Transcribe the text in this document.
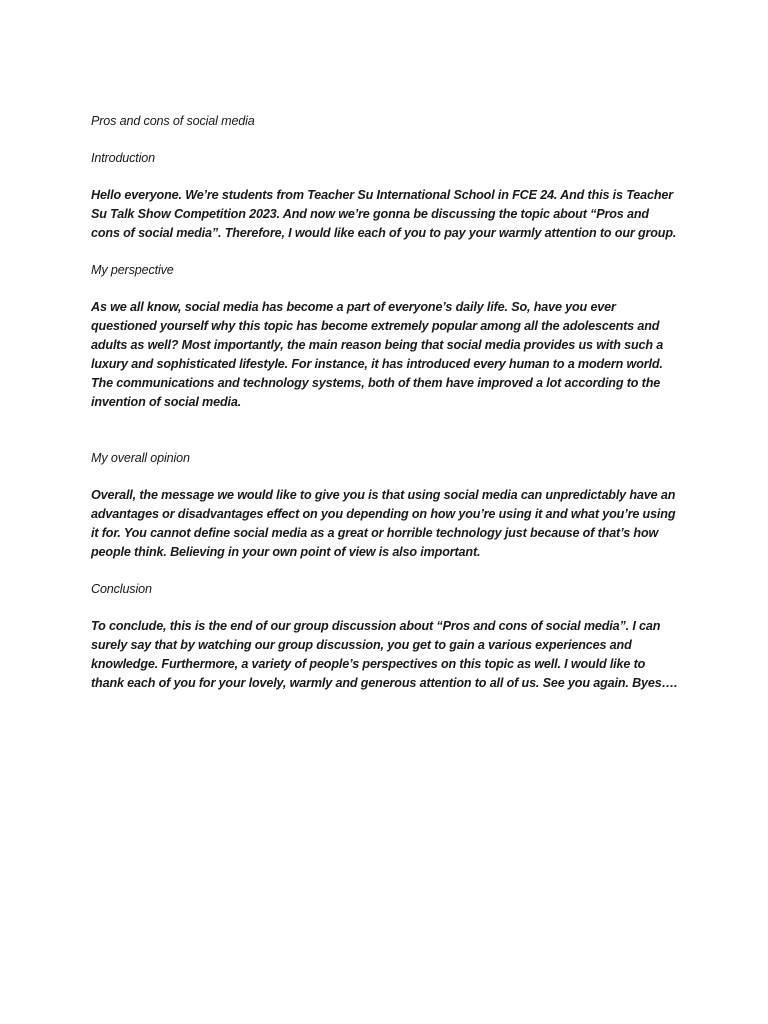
Pros and cons of social media

Introduction

Hello everyone. We’re students from Teacher Su International School in FCE 24. And this is Teacher Su Talk Show Competition 2023. And now we’re gonna be discussing the topic about “Pros and cons of social media”. Therefore, I would like each of you to pay your warmly attention to our group.

My perspective

As we all know, social media has become a part of everyone’s daily life. So, have you ever questioned yourself why this topic has become extremely popular among all the adolescents and adults as well? Most importantly, the main reason being that social media provides us with such a luxury and sophisticated lifestyle. For instance, it has introduced every human to a modern world. The communications and technology systems, both of them have improved a lot according to the invention of social media.

My overall opinion

Overall, the message we would like to give you is that using social media can unpredictably have an advantages or disadvantages effect on you depending on how you’re using it and what you’re using it for. You cannot define social media as a great or horrible technology just because of that’s how people think. Believing in your own point of view is also important.

Conclusion

To conclude, this is the end of our group discussion about “Pros and cons of social media”. I can surely say that by watching our group discussion, you get to gain a various experiences and knowledge. Furthermore, a variety of people’s perspectives on this topic as well. I would like to thank each of you for your lovely, warmly and generous attention to all of us. See you again. Byes….
